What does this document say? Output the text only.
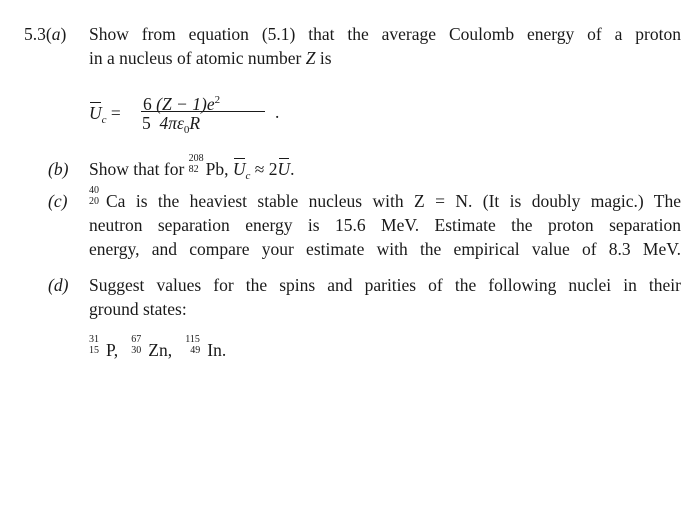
5.3(a) Show from equation (5.1) that the average Coulomb energy of a proton
in a nucleus of atomic number Z is
$U_c = 6$ $(Z - 1)e^2$
5 $4\pi\varepsilon_0R$
.
(b) Show that for
208
82 Pb, $U_c \approx 2U$.
(c)
40
20 Ca is the heaviest stable nucleus with Z = N. (It is doubly magic.) The
neutron separation energy is 15.6 MeV. Estimate the proton separation
energy, and compare your estimate with the empirical value of 8.3 MeV.
(d) Suggest values for the spins and parities of the following nuclei in their
ground states:
31
15 P,
67
30 Zn,
115
49 In.
